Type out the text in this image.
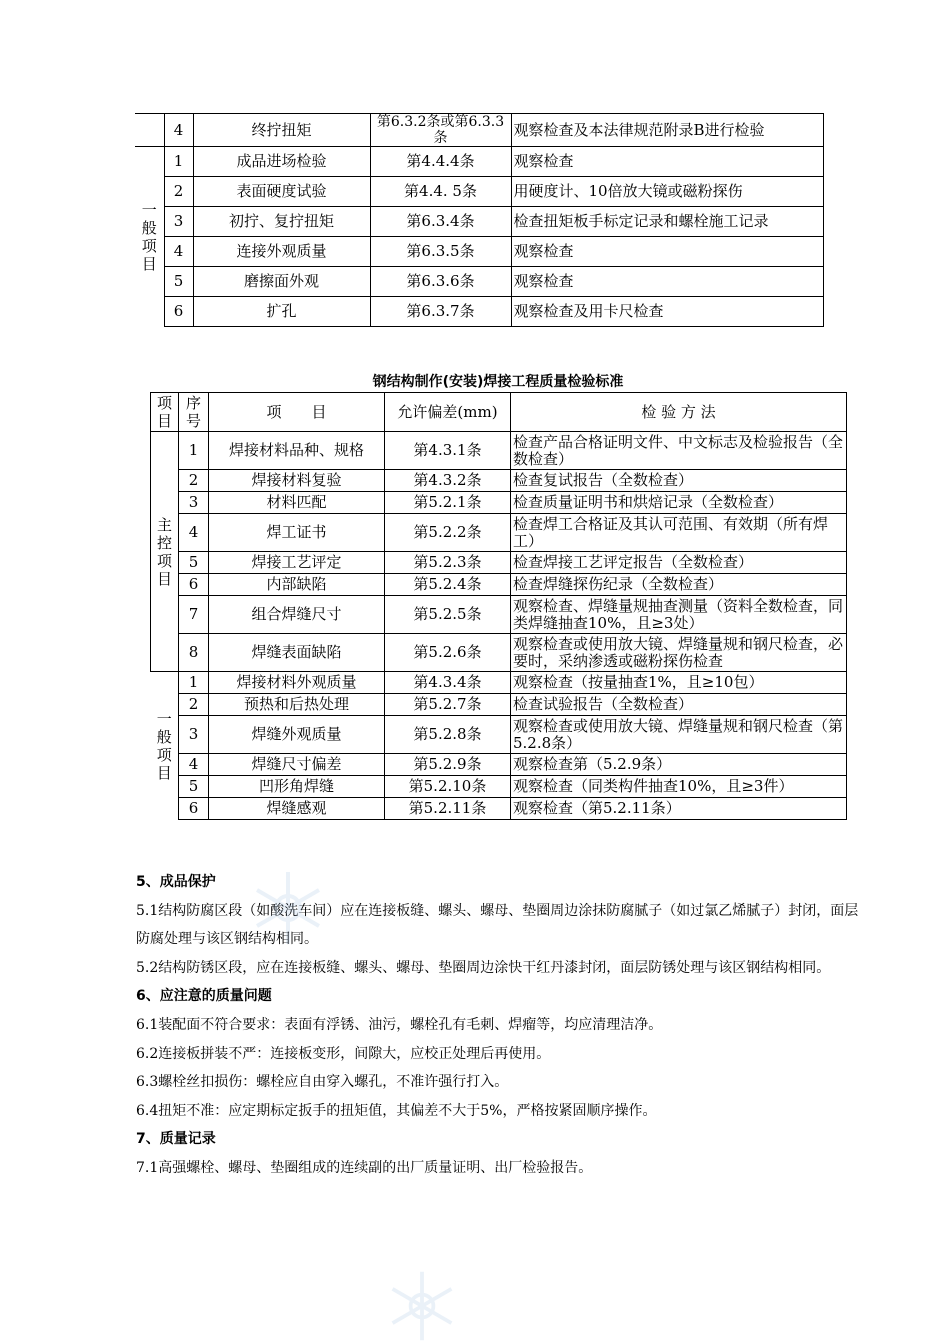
	4	终拧扭矩	第6.3.2条或第6.3.3条	观察检查及本法律规范附录B进行检验
一般项目	1	成品进场检验	第4.4.4条	观察检查
	2	表面硬度试验	第4.4. 5条	用硬度计、10倍放大镜或磁粉探伤
	3	初拧、复拧扭矩	第6.3.4条	检查扭矩板手标定记录和螺栓施工记录
	4	连接外观质量	第6.3.5条	观察检查
	5	磨擦面外观	第6.3.6条	观察检查
	6	扩孔	第6.3.7条	观察检查及用卡尺检查
钢结构制作(安装)焊接工程质量检验标准
项目	序号	项　　目	允许偏差(mm)	检 验 方 法
主控项目	1	焊接材料品种、规格	第4.3.1条	检查产品合格证明文件、中文标志及检验报告（全数检查）
	2	焊接材料复验	第4.3.2条	检查复试报告（全数检查）
	3	材料匹配	第5.2.1条	检查质量证明书和烘焙记录（全数检查）
	4	焊工证书	第5.2.2条	检查焊工合格证及其认可范围、有效期（所有焊工）
	5	焊接工艺评定	第5.2.3条	检查焊接工艺评定报告（全数检查）
	6	内部缺陷	第5.2.4条	检查焊缝探伤纪录（全数检查）
	7	组合焊缝尺寸	第5.2.5条	观察检查、焊缝量规抽查测量（资料全数检查，同类焊缝抽查10%，且≥3处）
	8	焊缝表面缺陷	第5.2.6条	观察检查或使用放大镜、焊缝量规和钢尺检查，必要时，采纳渗透或磁粉探伤检查
一般项目	1	焊接材料外观质量	第4.3.4条	观察检查（按量抽查1%，且≥10包）
	2	预热和后热处理	第5.2.7条	检查试验报告（全数检查）
	3	焊缝外观质量	第5.2.8条	观察检查或使用放大镜、焊缝量规和钢尺检查（第5.2.8条）
	4	焊缝尺寸偏差	第5.2.9条	观察检查第（5.2.9条）
	5	凹形角焊缝	第5.2.10条	观察检查（同类构件抽查10%，且≥3件）
	6	焊缝感观	第5.2.11条	观察检查（第5.2.11条）
5、成品保护
5.1结构防腐区段（如酸洗车间）应在连接板缝、螺头、螺母、垫圈周边涂抹防腐腻子（如过氯乙烯腻子）封闭，面层防腐处理与该区钢结构相同。
5.2结构防锈区段，应在连接板缝、螺头、螺母、垫圈周边涂快干红丹漆封闭，面层防锈处理与该区钢结构相同。
6、应注意的质量问题
6.1装配面不符合要求：表面有浮锈、油污，螺栓孔有毛刺、焊瘤等，均应清理洁净。
6.2连接板拼装不严：连接板变形，间隙大，应校正处理后再使用。
6.3螺栓丝扣损伤：螺栓应自由穿入螺孔，不准许强行打入。
6.4扭矩不准：应定期标定扳手的扭矩值，其偏差不大于5%，严格按紧固顺序操作。
7、质量记录
7.1高强螺栓、螺母、垫圈组成的连续副的出厂质量证明、出厂检验报告。
